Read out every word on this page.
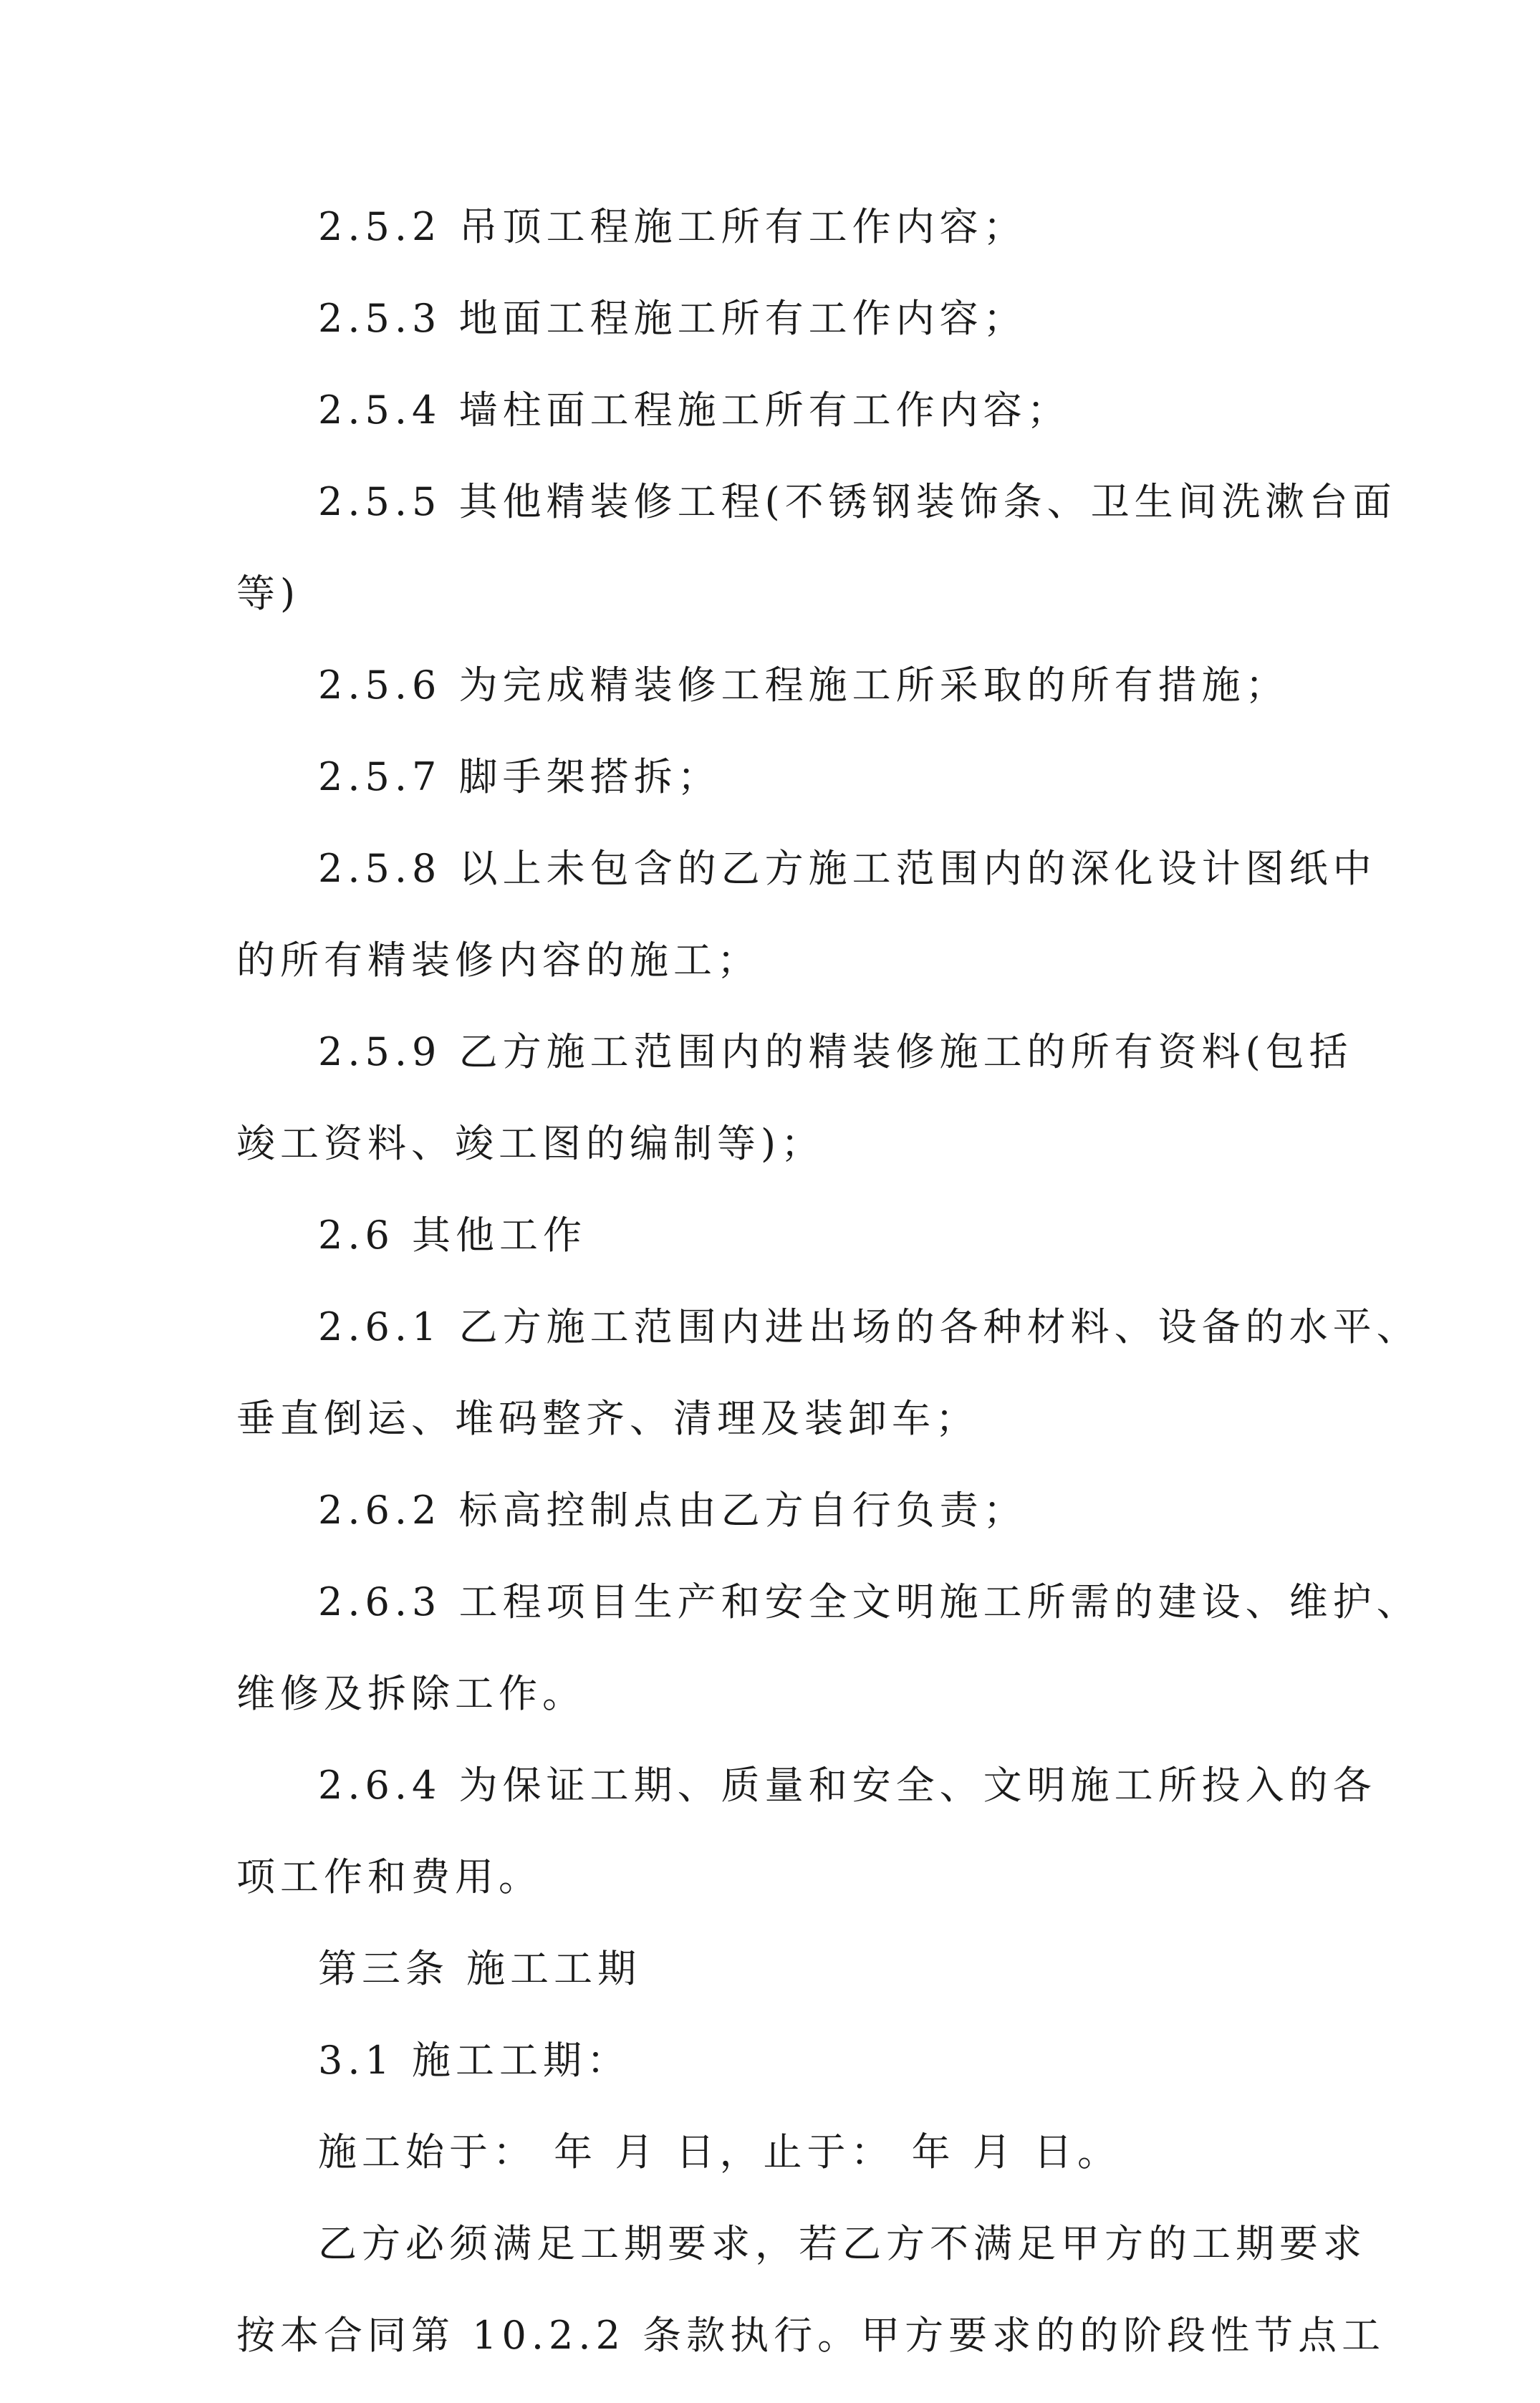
2.5.2 吊顶工程施工所有工作内容；
2.5.3 地面工程施工所有工作内容；
2.5.4 墙柱面工程施工所有工作内容；
2.5.5 其他精装修工程(不锈钢装饰条、卫生间洗漱台面
等)
2.5.6 为完成精装修工程施工所采取的所有措施；
2.5.7 脚手架搭拆；
2.5.8 以上未包含的乙方施工范围内的深化设计图纸中
的所有精装修内容的施工；
2.5.9 乙方施工范围内的精装修施工的所有资料(包括
竣工资料、竣工图的编制等)；
2.6 其他工作
2.6.1 乙方施工范围内进出场的各种材料、设备的水平、
垂直倒运、堆码整齐、清理及装卸车；
2.6.2 标高控制点由乙方自行负责；
2.6.3 工程项目生产和安全文明施工所需的建设、维护、
维修及拆除工作。
2.6.4 为保证工期、质量和安全、文明施工所投入的各
项工作和费用。
第三条 施工工期
3.1 施工工期：
施工始于： 年 月 日，止于： 年 月 日。
乙方必须满足工期要求，若乙方不满足甲方的工期要求
按本合同第 10.2.2 条款执行。甲方要求的的阶段性节点工
